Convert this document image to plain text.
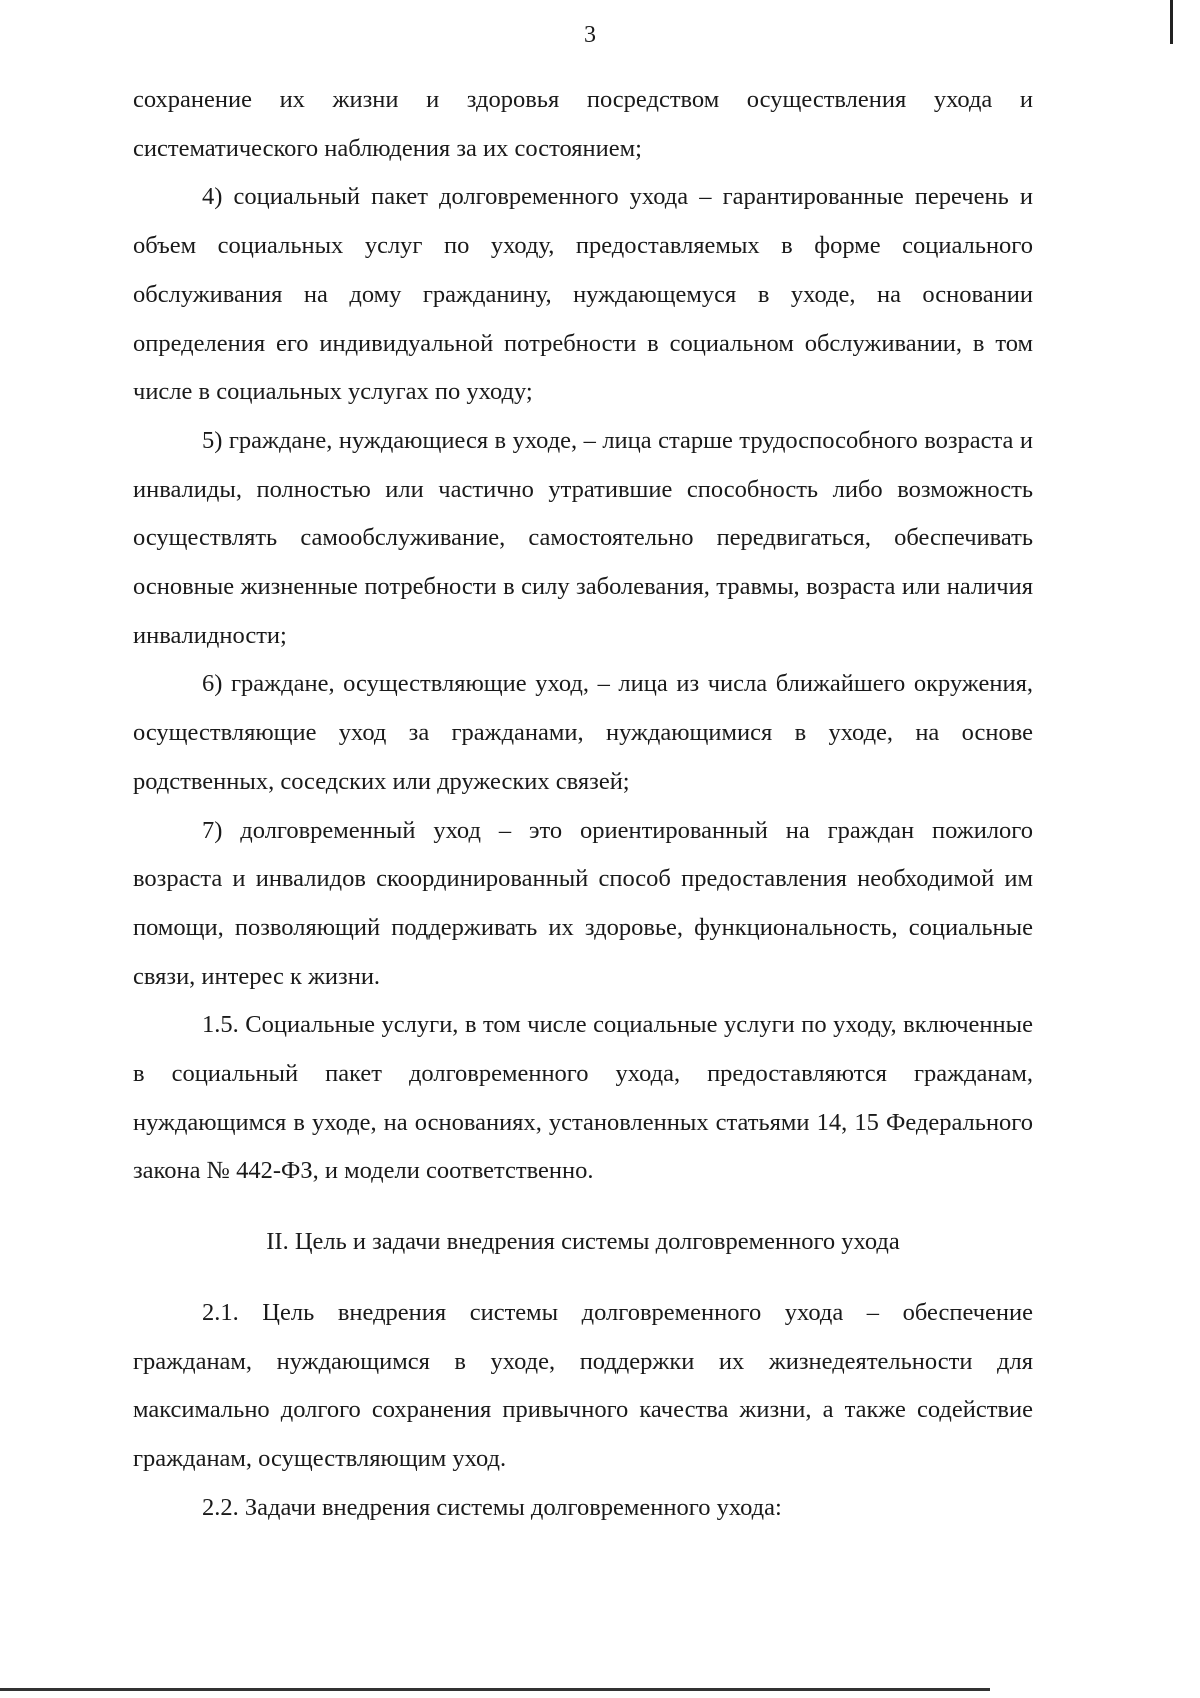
3

сохранение их жизни и здоровья посредством осуществления ухода и систематического наблюдения за их состоянием;

4) социальный пакет долговременного ухода – гарантированные перечень и объем социальных услуг по уходу, предоставляемых в форме социального обслуживания на дому гражданину, нуждающемуся в уходе, на основании определения его индивидуальной потребности в социальном обслуживании, в том числе в социальных услугах по уходу;

5) граждане, нуждающиеся в уходе, – лица старше трудоспособного возраста и инвалиды, полностью или частично утратившие способность либо возможность осуществлять самообслуживание, самостоятельно передвигаться, обеспечивать основные жизненные потребности в силу заболевания, травмы, возраста или наличия инвалидности;

6) граждане, осуществляющие уход, – лица из числа ближайшего окружения, осуществляющие уход за гражданами, нуждающимися в уходе, на основе родственных, соседских или дружеских связей;

7) долговременный уход – это ориентированный на граждан пожилого возраста и инвалидов скоординированный способ предоставления необходимой им помощи, позволяющий поддерживать их здоровье, функциональность, социальные связи, интерес к жизни.

1.5. Социальные услуги, в том числе социальные услуги по уходу, включенные в социальный пакет долговременного ухода, предоставляются гражданам, нуждающимся в уходе, на основаниях, установленных статьями 14, 15 Федерального закона № 442-ФЗ, и модели соответственно.

II. Цель и задачи внедрения системы долговременного ухода

2.1. Цель внедрения системы долговременного ухода – обеспечение гражданам, нуждающимся в уходе, поддержки их жизнедеятельности для максимально долгого сохранения привычного качества жизни, а также содействие гражданам, осуществляющим уход.

2.2. Задачи внедрения системы долговременного ухода:
